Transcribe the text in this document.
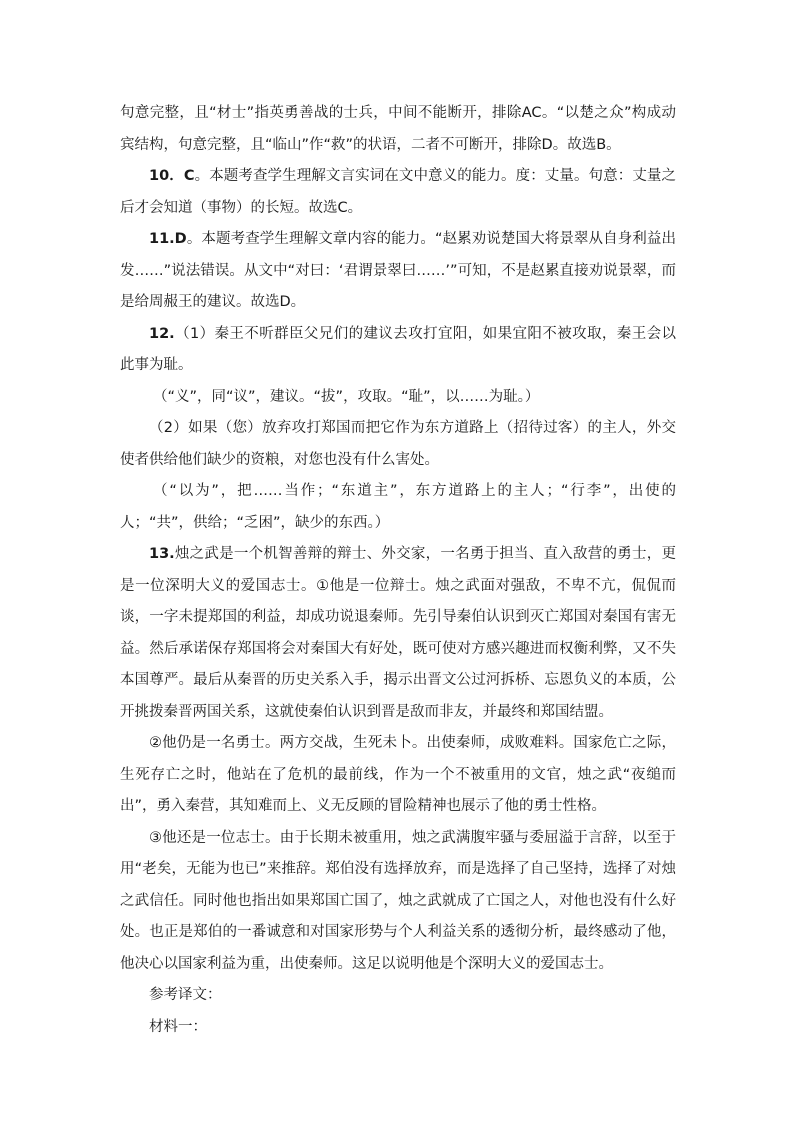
句意完整，且“材士”指英勇善战的士兵，中间不能断开，排除AC。“以楚之众”构成动宾结构，句意完整，且“临山”作“救”的状语，二者不可断开，排除D。故选B。

10．C。本题考查学生理解文言实词在文中意义的能力。度：丈量。句意：丈量之后才会知道（事物）的长短。故选C。

11.D。本题考查学生理解文章内容的能力。“赵累劝说楚国大将景翠从自身利益出发……”说法错误。从文中“对曰：‘君谓景翠曰……’”可知，不是赵累直接劝说景翠，而是给周赧王的建议。故选D。

12.（1）秦王不听群臣父兄们的建议去攻打宜阳，如果宜阳不被攻取，秦王会以此事为耻。

（“义”，同“议”，建议。“拔”，攻取。“耻”，以……为耻。）

（2）如果（您）放弃攻打郑国而把它作为东方道路上（招待过客）的主人，外交使者供给他们缺少的资粮，对您也没有什么害处。

（“以为”，把……当作；“东道主”，东方道路上的主人；“行李”，出使的人；“共”，供给；“乏困”，缺少的东西。）

13.烛之武是一个机智善辩的辩士、外交家，一名勇于担当、直入敌营的勇士，更是一位深明大义的爱国志士。①他是一位辩士。烛之武面对强敌，不卑不亢，侃侃而谈，一字未提郑国的利益，却成功说退秦师。先引导秦伯认识到灭亡郑国对秦国有害无益。然后承诺保存郑国将会对秦国大有好处，既可使对方感兴趣进而权衡利弊，又不失本国尊严。最后从秦晋的历史关系入手，揭示出晋文公过河拆桥、忘恩负义的本质，公开挑拨秦晋两国关系，这就使秦伯认识到晋是敌而非友，并最终和郑国结盟。

②他仍是一名勇士。两方交战，生死未卜。出使秦师，成败难料。国家危亡之际，生死存亡之时，他站在了危机的最前线，作为一个不被重用的文官，烛之武“夜缒而出”，勇入秦营，其知难而上、义无反顾的冒险精神也展示了他的勇士性格。

③他还是一位志士。由于长期未被重用，烛之武满腹牢骚与委屈溢于言辞，以至于用“老矣，无能为也已”来推辞。郑伯没有选择放弃，而是选择了自己坚持，选择了对烛之武信任。同时他也指出如果郑国亡国了，烛之武就成了亡国之人，对他也没有什么好处。也正是郑伯的一番诚意和对国家形势与个人利益关系的透彻分析，最终感动了他，他决心以国家利益为重，出使秦师。这足以说明他是个深明大义的爱国志士。

参考译文：

材料一：
